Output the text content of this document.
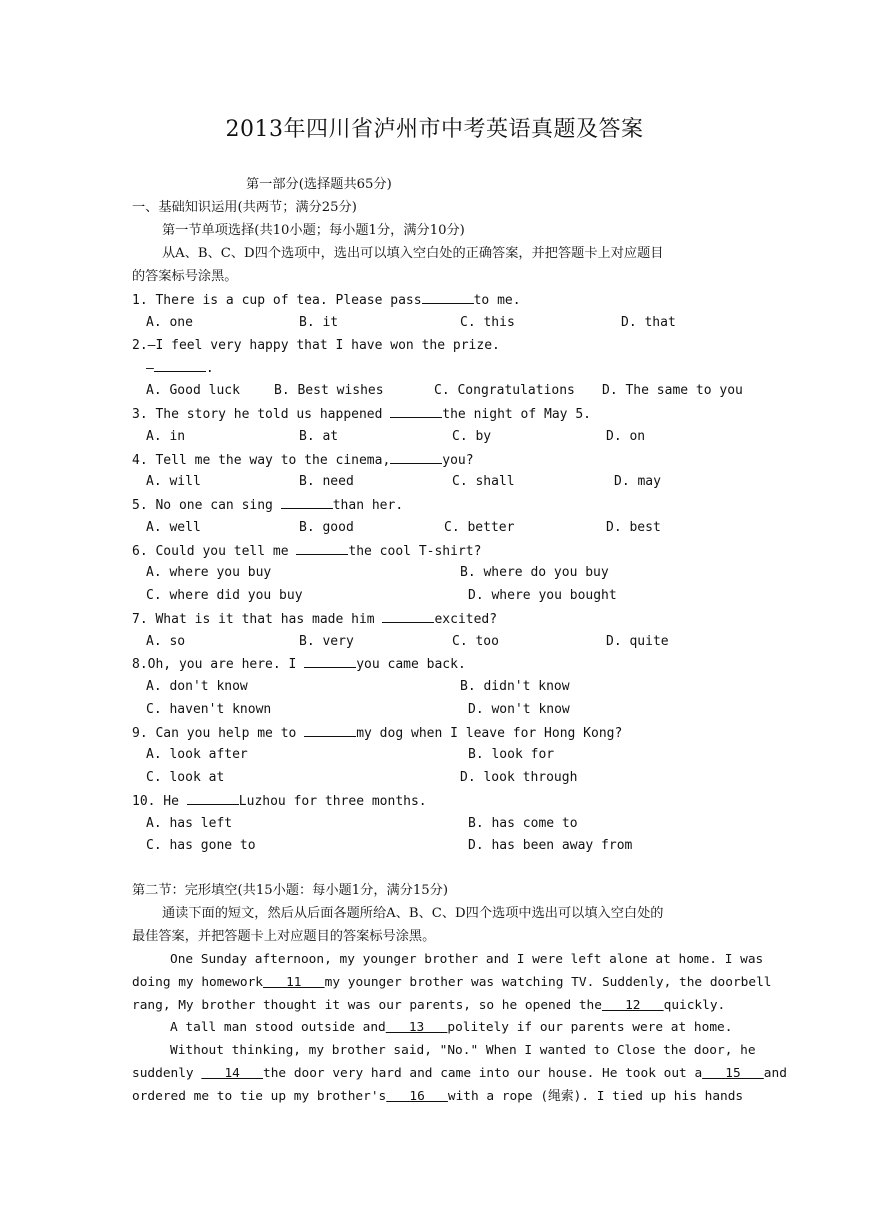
2013年四川省泸州市中考英语真题及答案
第一部分(选择题共65分)
一、基础知识运用(共两节；满分25分)
第一节单项选择(共10小题；每小题1分，满分10分)
从A、B、C、D四个选项中，选出可以填入空白处的正确答案，并把答题卡上对应题目
的答案标号涂黑。
1. There is a cup of tea. Please pass	to me.
A. one	B. it	C. this	D. that
2.—I feel very happy that I have won the prize.
—	.
A. Good luck	B. Best wishes	C. Congratulations D. The same to you
3. The story he told us happened	the night of May 5.
A. in	B. at	C. by	D. on
4. Tell me the way to the cinema,	you?
A. will	B. need	C. shall	D. may
5. No one can sing	than her.
A. well	B. good	C. better	D. best
6. Could you tell me	the cool T-shirt?
A. where you buy	B. where do you buy
C. where did you buy	D. where you bought
7. What is it that has made him	excited?
A. so	B. very	C. too	D. quite
8.Oh, you are here. I	you came back.
A. don't know	B. didn't know
C. haven't known	D. won't know
9. Can you help me to	my dog when I leave for Hong Kong?
A. look after	B. look for
C. look at	D. look through
10. He	Luzhou for three months.
A. has left	B. has come to
C. has gone to	D. has been away from
第二节：完形填空(共15小题：每小题1分，满分15分)
通读下面的短文，然后从后面各题所给A、B、C、D四个选项中选出可以填入空白处的
最佳答案，并把答题卡上对应题目的答案标号涂黑。
One Sunday afternoon, my younger brother and I were left alone at home. I was
doing my homework   11   my younger brother was watching TV. Suddenly, the doorbell
rang, My brother thought it was our parents, so he opened the   12   quickly.
A tall man stood outside and   13   politely if our parents were at home.
Without thinking, my brother said, "No." When I wanted to Close the door, he
suddenly    14   the door very hard and came into our house. He took out a   15   and
ordered me to tie up my brother's   16   with a rope (绳索). I tied up his hands
